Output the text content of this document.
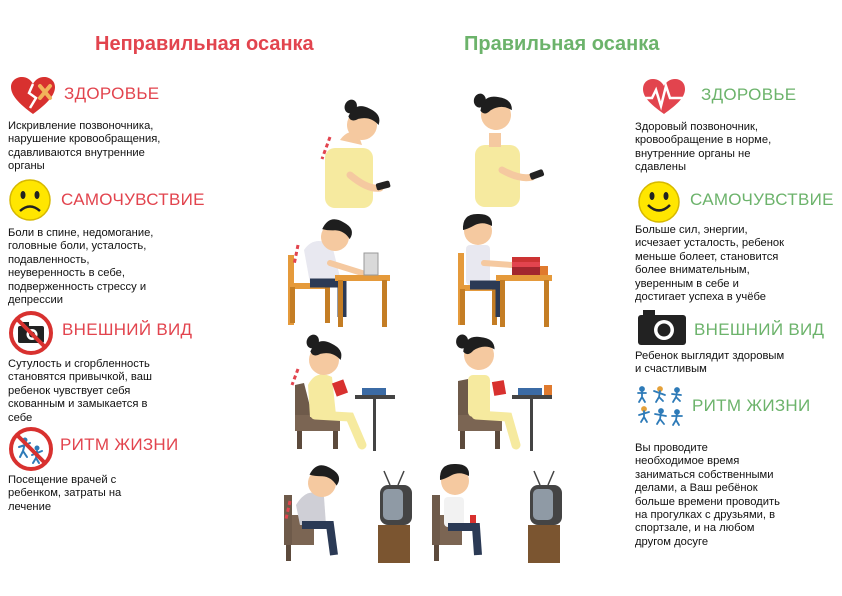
Неправильная осанка	Правильная осанка
ЗДОРОВЬЕ
Искривление позвоночника,
нарушение кровообращения,
сдавливаются внутренние
органы
САМОЧУВСТВИЕ
Боли в спине, недомогание,
головные боли, усталость,
подавленность,
неуверенность в себе,
подверженность стрессу и
депрессии
ВНЕШНИЙ ВИД
Сутулость и сгорбленность
становятся привычкой, ваш
ребенок чувствует себя
скованным и замыкается в
себе
РИТМ ЖИЗНИ
Посещение врачей с
ребенком, затраты на
лечение
ЗДОРОВЬЕ
Здоровый позвоночник,
кровообращение в норме,
внутренние органы не
сдавлены
САМОЧУВСТВИЕ
Больше сил, энергии,
исчезает усталость, ребенок
меньше болеет, становится
более внимательным,
уверенным в себе и
достигает успеха в учёбе
ВНЕШНИЙ ВИД
Ребенок выглядит здоровым
и счастливым
РИТМ ЖИЗНИ
Вы проводите
необходимое время
заниматься собственными
делами, а Ваш ребёнок
больше времени проводить
на прогулках с друзьями, в
спортзале, и на любом
другом досуге
